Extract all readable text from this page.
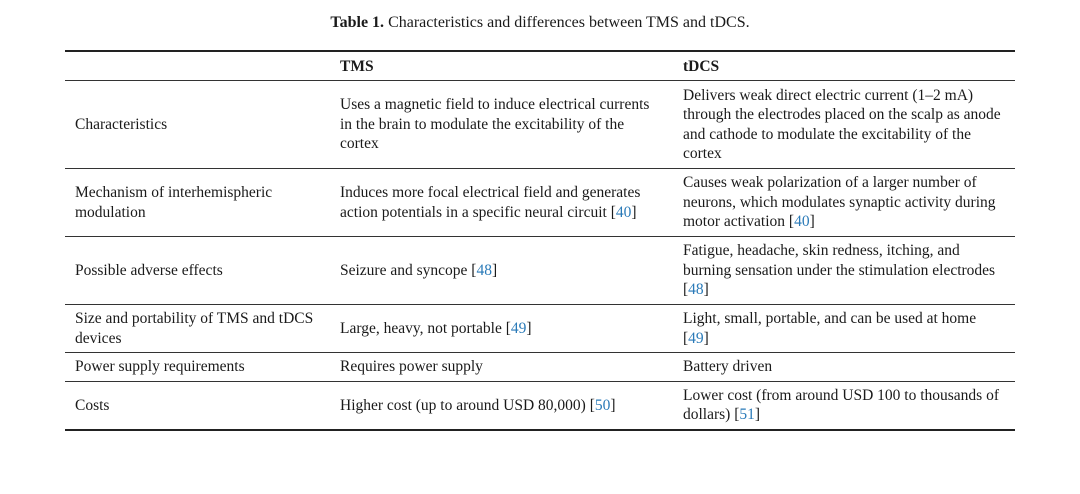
Table 1. Characteristics and differences between TMS and tDCS.
	TMS	tDCS
Characteristics	Uses a magnetic field to induce electrical currents in the brain to modulate the excitability of the cortex	Delivers weak direct electric current (1–2 mA) through the electrodes placed on the scalp as anode and cathode to modulate the excitability of the cortex
Mechanism of interhemispheric modulation	Induces more focal electrical field and generates action potentials in a specific neural circuit [40]	Causes weak polarization of a larger number of neurons, which modulates synaptic activity during motor activation [40]
Possible adverse effects	Seizure and syncope [48]	Fatigue, headache, skin redness, itching, and burning sensation under the stimulation electrodes [48]
Size and portability of TMS and tDCS devices	Large, heavy, not portable [49]	Light, small, portable, and can be used at home [49]
Power supply requirements	Requires power supply	Battery driven
Costs	Higher cost (up to around USD 80,000) [50]	Lower cost (from around USD 100 to thousands of dollars) [51]
